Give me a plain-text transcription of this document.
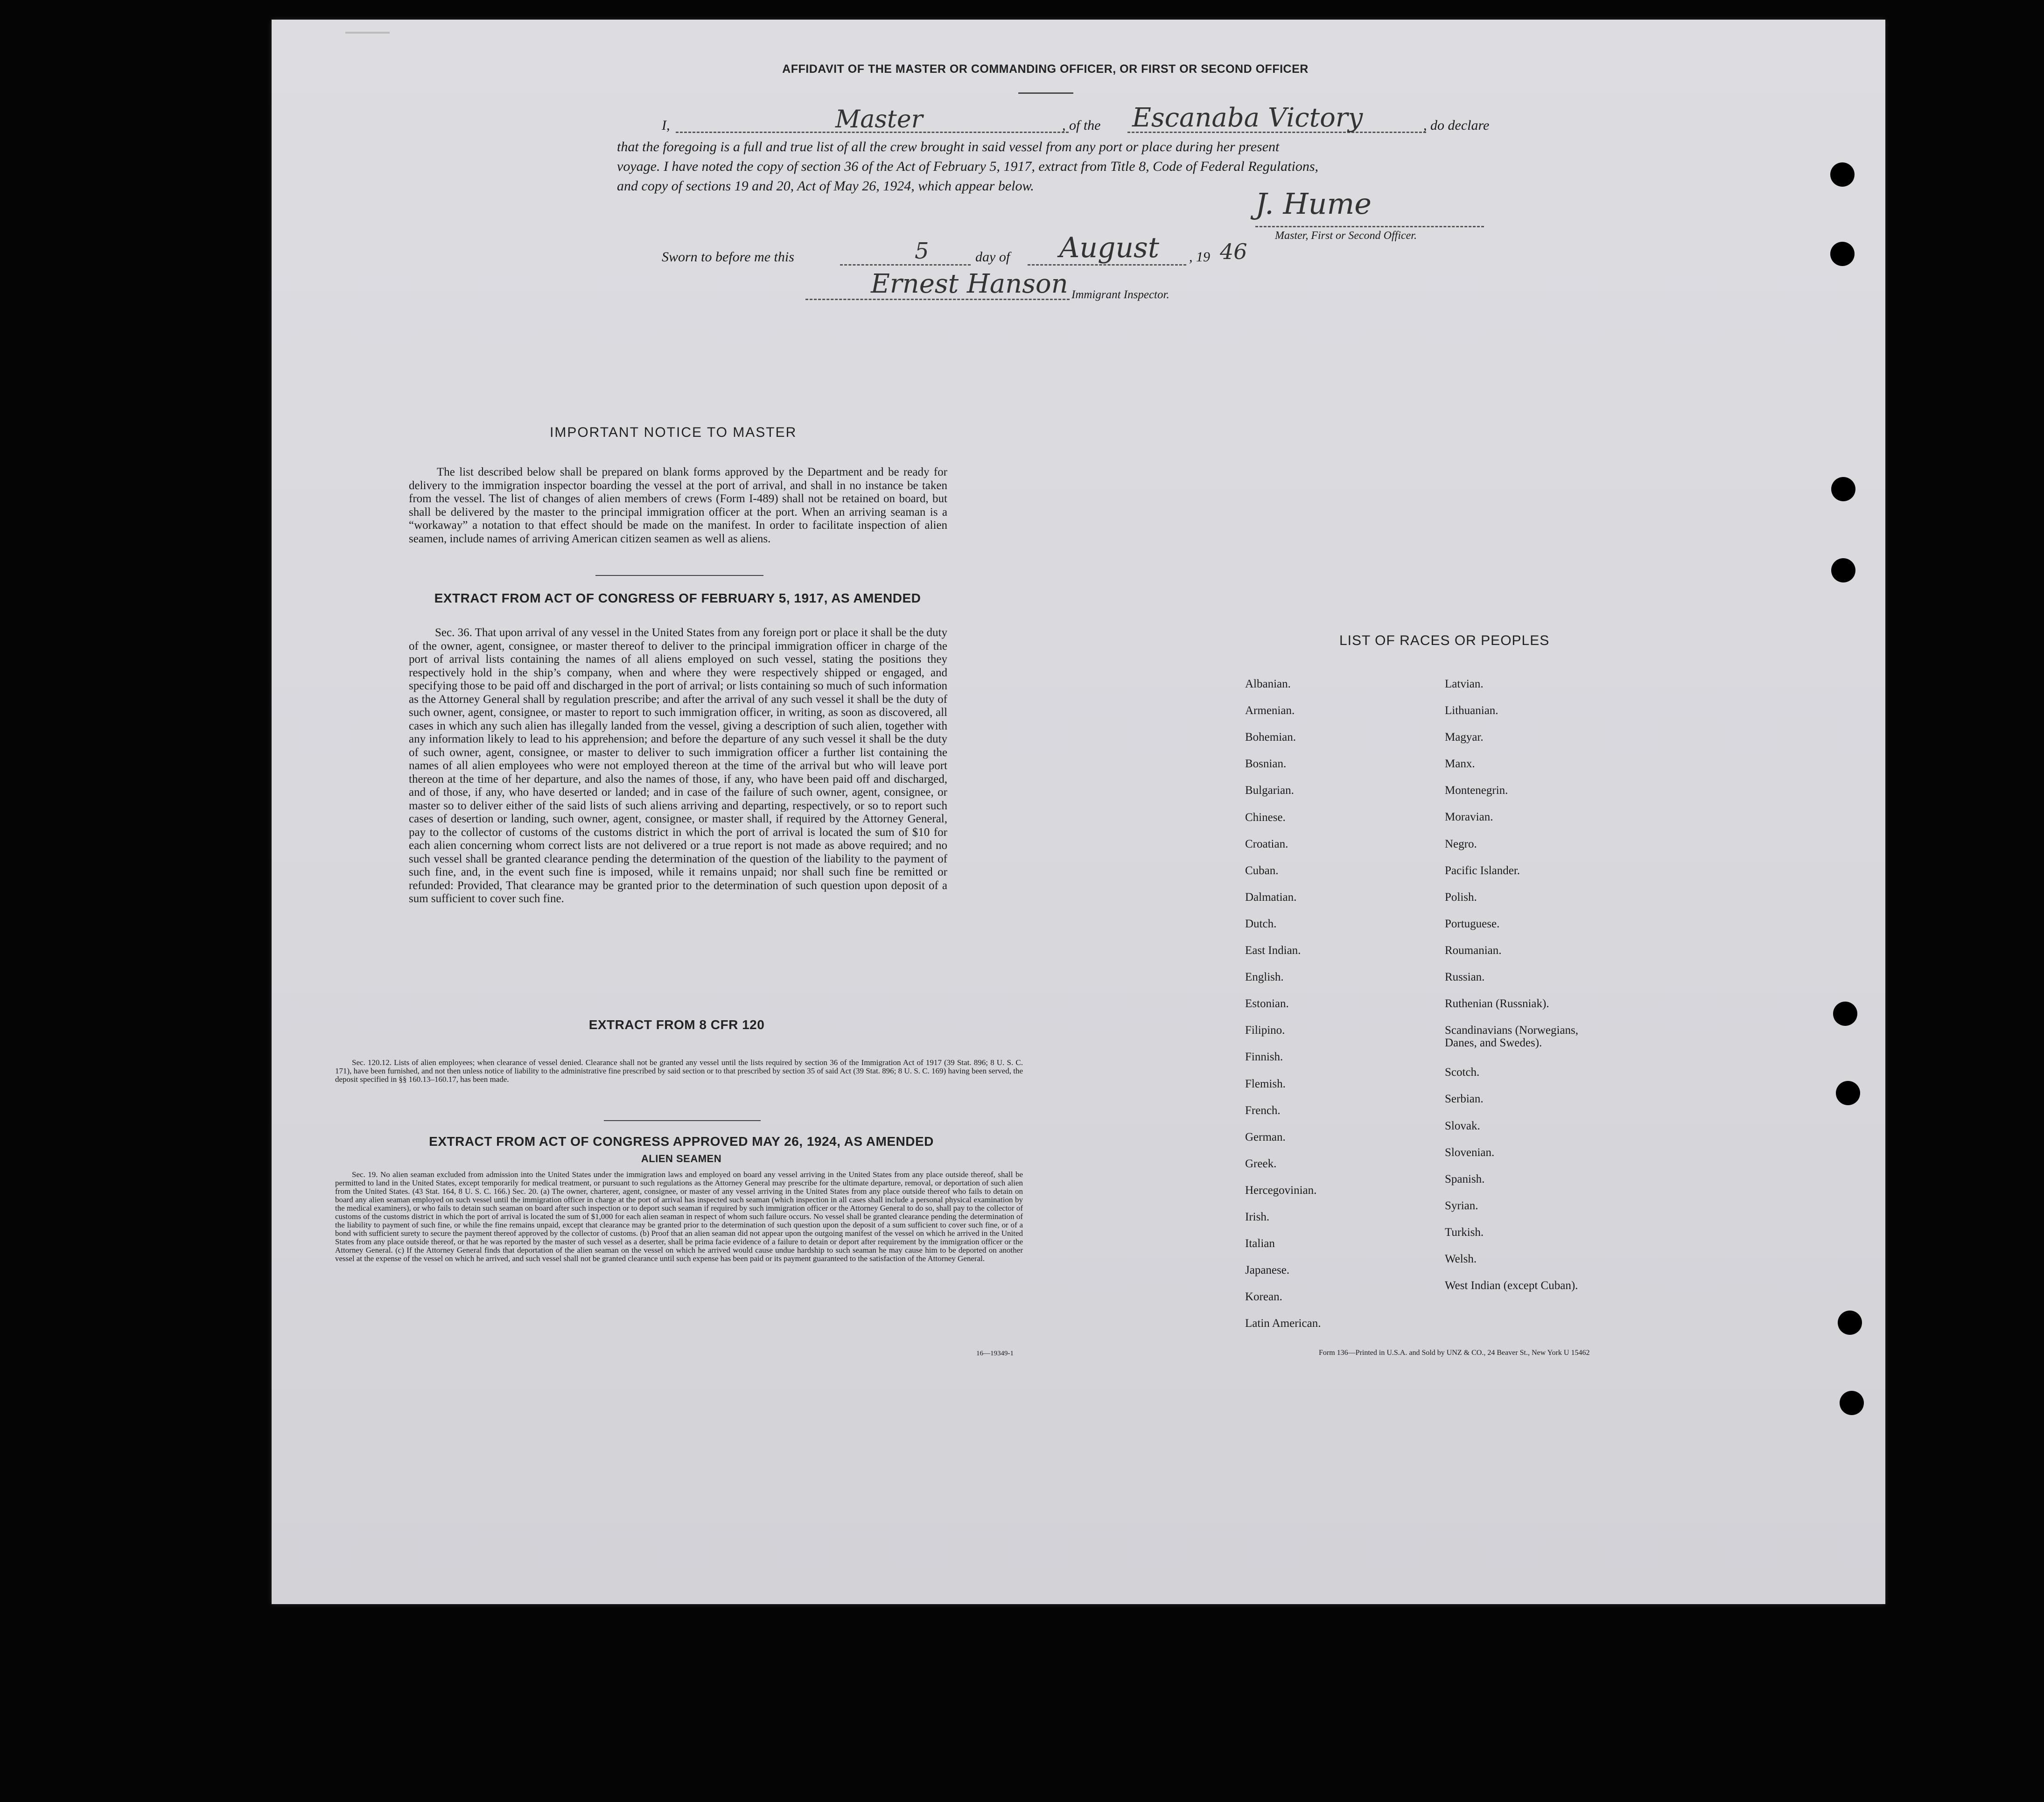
AFFIDAVIT OF THE MASTER OR COMMANDING OFFICER, OR FIRST OR SECOND OFFICER
I,	Master	, of the Escanaba Victory	, do declare
that the foregoing is a full and true list of all the crew brought in said vessel from any port or place during her present
voyage. I have noted the copy of section 36 of the Act of February 5, 1917, extract from Title 8, Code of Federal Regulations,
and copy of sections 19 and 20, Act of May 26, 1924, which appear below.
J. Hume
Master, First or Second Officer.
Sworn to before me this	5	day of August , 19 46
Ernest Hanson Immigrant Inspector.
IMPORTANT NOTICE TO MASTER
The list described below shall be prepared on blank forms approved by the Department and be ready for delivery to the immigration inspector boarding the vessel at the port of arrival, and shall in no instance be taken from the vessel. The list of changes of alien members of crews (Form I-489) shall not be retained on board, but shall be delivered by the master to the principal immigration officer at the port. When an arriving seaman is a “workaway” a notation to that effect should be made on the manifest. In order to facilitate inspection of alien seamen, include names of arriving American citizen seamen as well as aliens.
EXTRACT FROM ACT OF CONGRESS OF FEBRUARY 5, 1917, AS AMENDED
Sec. 36. That upon arrival of any vessel in the United States from any foreign port or place it shall be the duty of the owner, agent, consignee, or master thereof to deliver to the principal immigration officer in charge of the port of arrival lists containing the names of all aliens employed on such vessel, stating the positions they respectively hold in the ship’s company, when and where they were respectively shipped or engaged, and specifying those to be paid off and discharged in the port of arrival; or lists containing so much of such information as the Attorney General shall by regulation prescribe; and after the arrival of any such vessel it shall be the duty of such owner, agent, consignee, or master to report to such immigration officer, in writing, as soon as discovered, all cases in which any such alien has illegally landed from the vessel, giving a description of such alien, together with any information likely to lead to his apprehension; and before the departure of any such vessel it shall be the duty of such owner, agent, consignee, or master to deliver to such immigration officer a further list containing the names of all alien employees who were not employed thereon at the time of the arrival but who will leave port thereon at the time of her departure, and also the names of those, if any, who have been paid off and discharged, and of those, if any, who have deserted or landed; and in case of the failure of such owner, agent, consignee, or master so to deliver either of the said lists of such aliens arriving and departing, respectively, or so to report such cases of desertion or landing, such owner, agent, consignee, or master shall, if required by the Attorney General, pay to the collector of customs of the customs district in which the port of arrival is located the sum of $10 for each alien concerning whom correct lists are not delivered or a true report is not made as above required; and no such vessel shall be granted clearance pending the determination of the question of the liability to the payment of such fine, and, in the event such fine is imposed, while it remains unpaid; nor shall such fine be remitted or refunded: Provided, That clearance may be granted prior to the determination of such question upon deposit of a sum sufficient to cover such fine.
EXTRACT FROM 8 CFR 120
Sec. 120.12. Lists of alien employees; when clearance of vessel denied. Clearance shall not be granted any vessel until the lists required by section 36 of the Immigration Act of 1917 (39 Stat. 896; 8 U. S. C. 171), have been furnished, and not then unless notice of liability to the administrative fine prescribed by said section or to that prescribed by section 35 of said Act (39 Stat. 896; 8 U. S. C. 169) having been served, the deposit specified in §§ 160.13–160.17, has been made.
EXTRACT FROM ACT OF CONGRESS APPROVED MAY 26, 1924, AS AMENDED
ALIEN SEAMEN
Sec. 19. No alien seaman excluded from admission into the United States under the immigration laws and employed on board any vessel arriving in the United States from any place outside thereof, shall be permitted to land in the United States, except temporarily for medical treatment, or pursuant to such regulations as the Attorney General may prescribe for the ultimate departure, removal, or deportation of such alien from the United States. (43 Stat. 164, 8 U. S. C. 166.) Sec. 20. (a) The owner, charterer, agent, consignee, or master of any vessel arriving in the United States from any place outside thereof who fails to detain on board any alien seaman employed on such vessel until the immigration officer in charge at the port of arrival has inspected such seaman (which inspection in all cases shall include a personal physical examination by the medical examiners), or who fails to detain such seaman on board after such inspection or to deport such seaman if required by such immigration officer or the Attorney General to do so, shall pay to the collector of customs of the customs district in which the port of arrival is located the sum of $1,000 for each alien seaman in respect of whom such failure occurs. No vessel shall be granted clearance pending the determination of the liability to payment of such fine, or while the fine remains unpaid, except that clearance may be granted prior to the determination of such question upon the deposit of a sum sufficient to cover such fine, or of a bond with sufficient surety to secure the payment thereof approved by the collector of customs. (b) Proof that an alien seaman did not appear upon the outgoing manifest of the vessel on which he arrived in the United States from any place outside thereof, or that he was reported by the master of such vessel as a deserter, shall be prima facie evidence of a failure to detain or deport after requirement by the immigration officer or the Attorney General. (c) If the Attorney General finds that deportation of the alien seaman on the vessel on which he arrived would cause undue hardship to such seaman he may cause him to be deported on another vessel at the expense of the vessel on which he arrived, and such vessel shall not be granted clearance until such expense has been paid or its payment guaranteed to the satisfaction of the Attorney General.
16—19349-1
LIST OF RACES OR PEOPLES
Albanian.
Armenian.
Bohemian.
Bosnian.
Bulgarian.
Chinese.
Croatian.
Cuban.
Dalmatian.
Dutch.
East Indian.
English.
Estonian.
Filipino.
Finnish.
Flemish.
French.
German.
Greek.
Hercegovinian.
Irish.
Italian
Japanese.
Korean.
Latin American.
Latvian.
Lithuanian.
Magyar.
Manx.
Montenegrin.
Moravian.
Negro.
Pacific Islander.
Polish.
Portuguese.
Roumanian.
Russian.
Ruthenian (Russniak).
Scandinavians (Norwegians,
Danes, and Swedes).
Scotch.
Serbian.
Slovak.
Slovenian.
Spanish.
Syrian.
Turkish.
Welsh.
West Indian (except Cuban).
Form 136—Printed in U.S.A. and Sold by UNZ & CO., 24 Beaver St., New York U 15462
